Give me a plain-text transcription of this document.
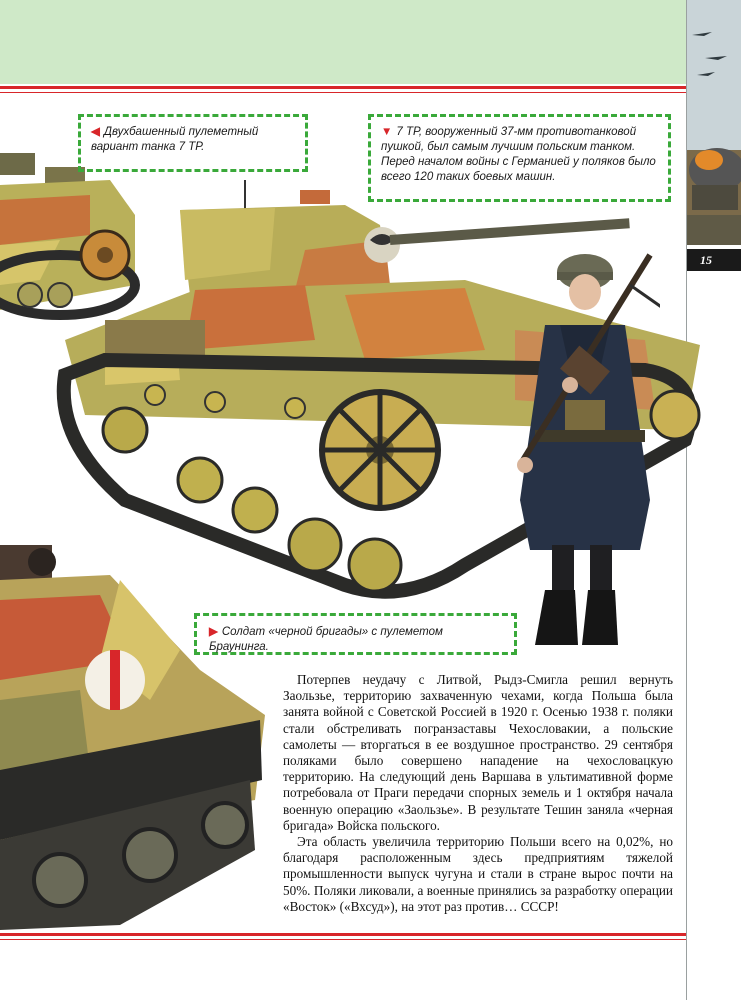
15
◀ Двухбашенный пулеметный вариант танка 7 ТР.
▼ 7 ТР, вооруженный 37-мм противотанковой пушкой, был самым лучшим польским танком. Перед началом войны с Германией у поляков было всего 120 таких боевых машин.
▶ Солдат «черной бригады» с пулеметом Браунинга.

Потерпев неудачу с Литвой, Рыдз-Смигла решил вернуть Заользье, территорию захваченную чехами, когда Польша была занята войной с Советской Россией в 1920 г. Осенью 1938 г. поляки стали обстреливать погранзаставы Чехословакии, а польские самолеты — вторгаться в ее воздушное пространство. 29 сентября поляками было совершено нападение на чехословацкую территорию. На следующий день Варшава в ультимативной форме потребовала от Праги передачи спорных земель и 1 октября начала военную операцию «Заользье». В результате Тешин заняла «черная бригада» Войска польского.

Эта область увеличила территорию Польши всего на 0,02%, но благодаря расположенным здесь предприятиям тяжелой промышленности выпуск чугуна и стали в стране вырос почти на 50%. Поляки ликовали, а военные принялись за разработку операции «Восток» («Вхсуд»), на этот раз против… СССР!
